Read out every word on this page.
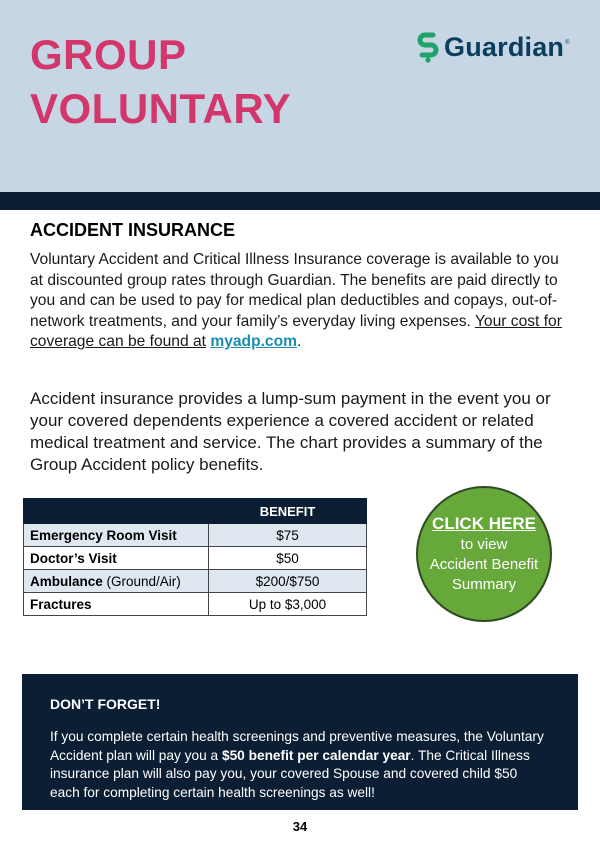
GROUP
VOLUNTARY
Guardian ®
ACCIDENT INSURANCE

Voluntary Accident and Critical Illness Insurance coverage is available to you at discounted group rates through Guardian. The benefits are paid directly to you and can be used to pay for medical plan deductibles and copays, out-of-network treatments, and your family’s everyday living expenses. Your cost for coverage can be found at myadp.com.

Accident insurance provides a lump-sum payment in the event you or your covered dependents experience a covered accident or related medical treatment and service. The chart provides a summary of the Group Accident policy benefits.

	BENEFIT
Emergency Room Visit	$75
Doctor’s Visit	$50
Ambulance (Ground/Air)	$200/$750
Fractures	Up to $3,000
CLICK HERE
to view
Accident Benefit
Summary

DON’T FORGET!

If you complete certain health screenings and preventive measures, the Voluntary Accident plan will pay you a $50 benefit per calendar year. The Critical Illness insurance plan will also pay you, your covered Spouse and covered child $50 each for completing certain health screenings as well!

34
